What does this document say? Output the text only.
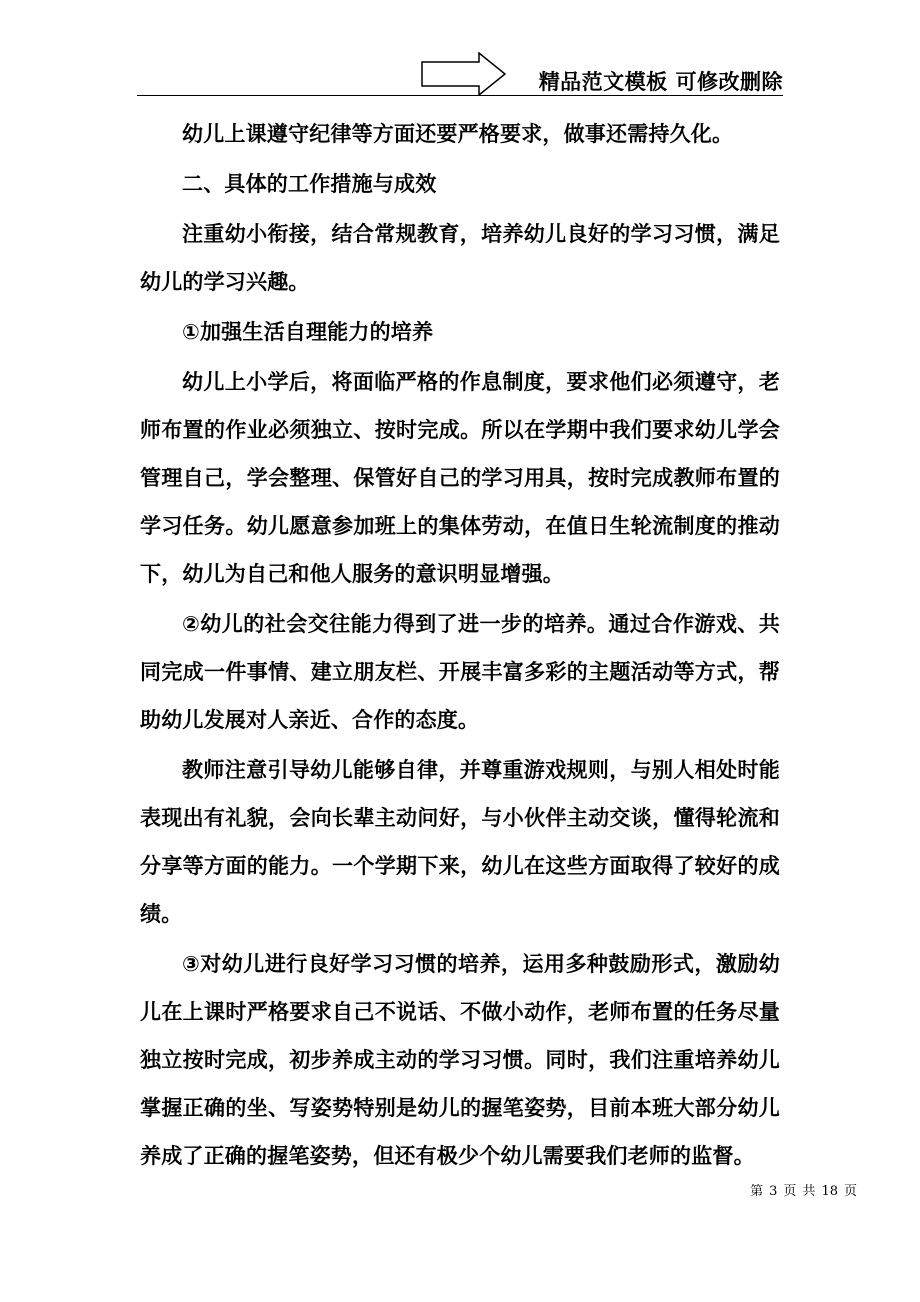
精品范文模板 可修改删除

幼儿上课遵守纪律等方面还要严格要求，做事还需持久化。

二、具体的工作措施与成效

注重幼小衔接，结合常规教育，培养幼儿良好的学习习惯，满足幼儿的学习兴趣。

①加强生活自理能力的培养

幼儿上小学后，将面临严格的作息制度，要求他们必须遵守，老师布置的作业必须独立、按时完成。所以在学期中我们要求幼儿学会管理自己，学会整理、保管好自己的学习用具，按时完成教师布置的学习任务。幼儿愿意参加班上的集体劳动，在值日生轮流制度的推动下，幼儿为自己和他人服务的意识明显增强。

②幼儿的社会交往能力得到了进一步的培养。通过合作游戏、共同完成一件事情、建立朋友栏、开展丰富多彩的主题活动等方式，帮助幼儿发展对人亲近、合作的态度。

教师注意引导幼儿能够自律，并尊重游戏规则，与别人相处时能表现出有礼貌，会向长辈主动问好，与小伙伴主动交谈，懂得轮流和分享等方面的能力。一个学期下来，幼儿在这些方面取得了较好的成绩。

③对幼儿进行良好学习习惯的培养，运用多种鼓励形式，激励幼儿在上课时严格要求自己不说话、不做小动作，老师布置的任务尽量独立按时完成，初步养成主动的学习习惯。同时，我们注重培养幼儿掌握正确的坐、写姿势特别是幼儿的握笔姿势，目前本班大部分幼儿养成了正确的握笔姿势，但还有极少个幼儿需要我们老师的监督。

第 3 页 共 18 页
